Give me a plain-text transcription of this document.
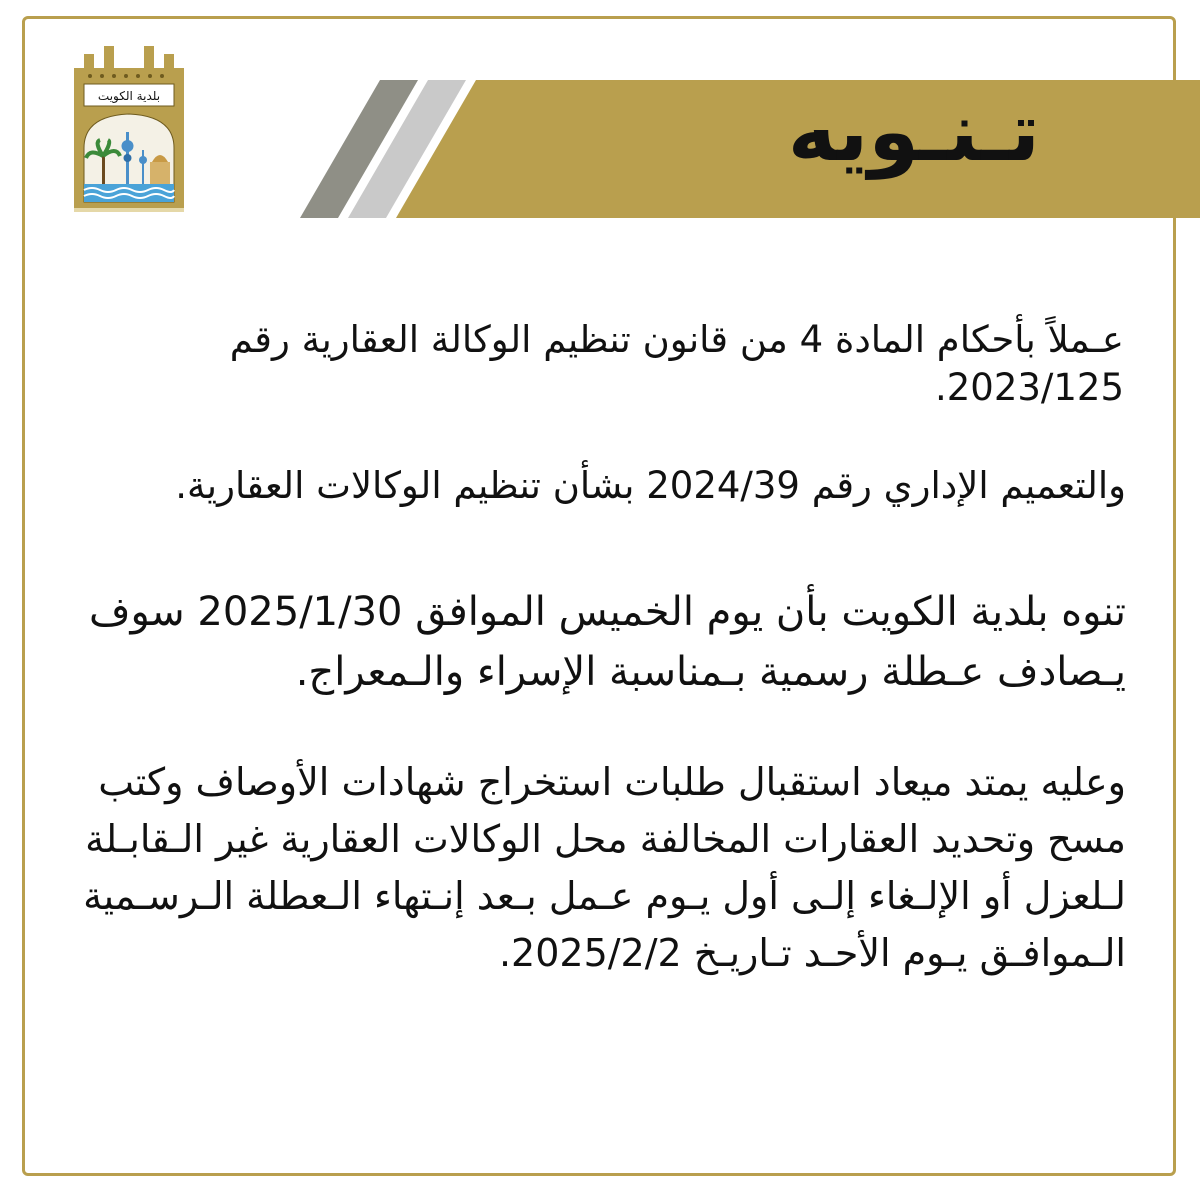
تـنـويه
بلدية الكويت

عـملاً بأحكام المادة 4 من قانون تنظيم الوكالة العقارية رقم 2023/125.

والتعميم الإداري رقم 2024/39 بشأن تنظيم الوكالات العقارية.

تنوه بلدية الكويت بأن يوم الخميس الموافق 2025/1/30 سوف يـصادف عـطلة رسمية بـمناسبة الإسراء والـمعراج.

وعليه يمتد ميعاد استقبال طلبات استخراج شهادات الأوصاف وكتب مسح وتحديد العقارات المخالفة محل الوكالات العقارية غير الـقابـلة لـلعزل أو الإلـغاء إلـى أول يـوم عـمل بـعد إنـتهاء الـعطلة الـرسـمية الـموافـق يـوم الأحـد تـاريـخ 2025/2/2.
